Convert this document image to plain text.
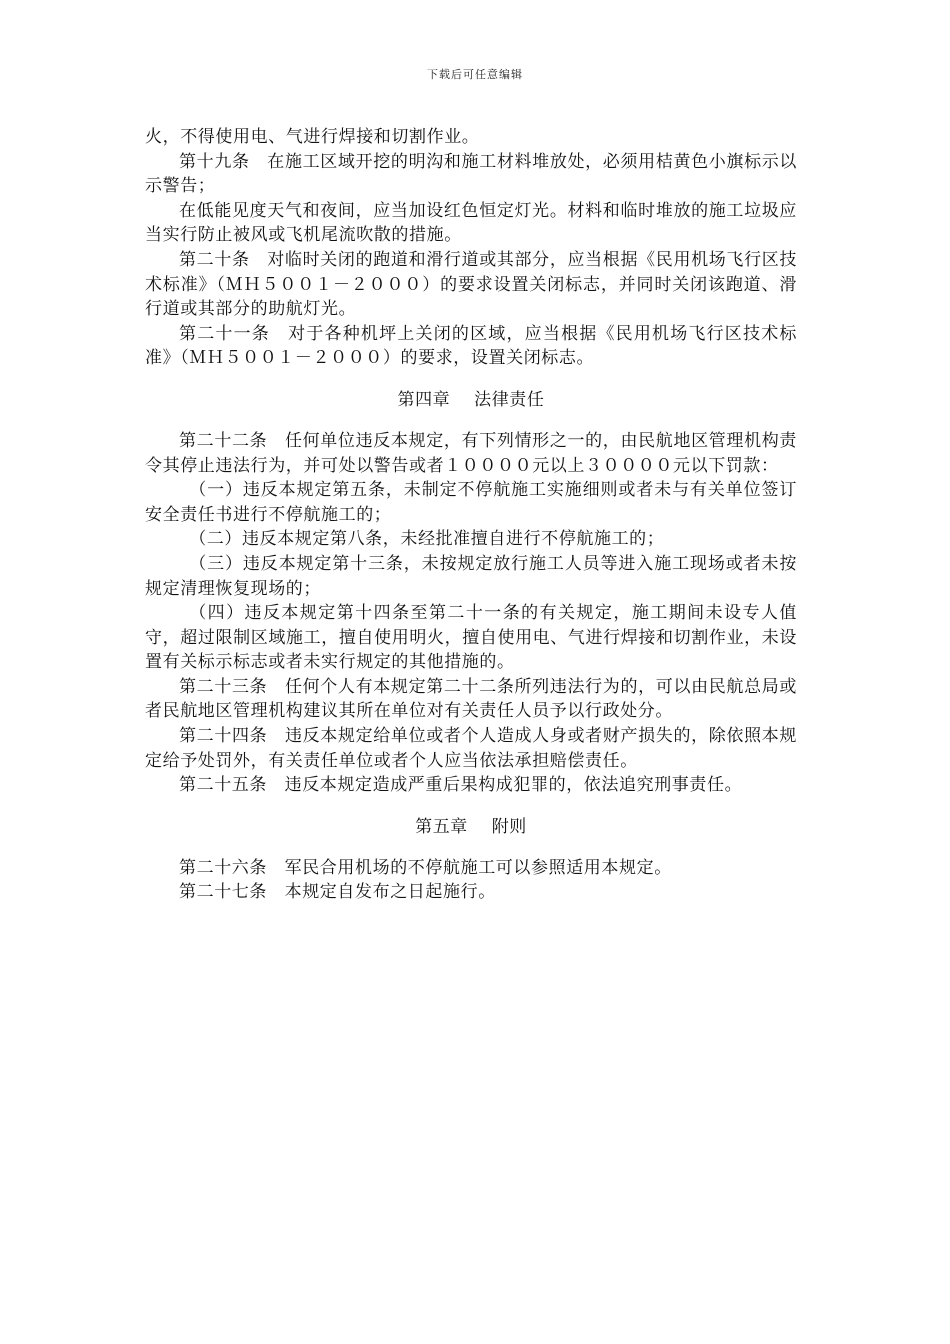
下载后可任意编辑

火，不得使用电、气进行焊接和切割作业。

第十九条　在施工区域开挖的明沟和施工材料堆放处，必须用桔黄色小旗标示以示警告；

在低能见度天气和夜间，应当加设红色恒定灯光。材料和临时堆放的施工垃圾应当实行防止被风或飞机尾流吹散的措施。

第二十条　对临时关闭的跑道和滑行道或其部分，应当根据《民用机场飞行区技术标准》（ＭＨ５００１－２０００）的要求设置关闭标志，并同时关闭该跑道、滑行道或其部分的助航灯光。

第二十一条　对于各种机坪上关闭的区域，应当根据《民用机场飞行区技术标准》（ＭＨ５００１－２０００）的要求，设置关闭标志。

第四章 法律责任

第二十二条　任何单位违反本规定，有下列情形之一的，由民航地区管理机构责令其停止违法行为，并可处以警告或者１００００元以上３００００元以下罚款：

（一）违反本规定第五条，未制定不停航施工实施细则或者未与有关单位签订安全责任书进行不停航施工的；

（二）违反本规定第八条，未经批准擅自进行不停航施工的；

（三）违反本规定第十三条，未按规定放行施工人员等进入施工现场或者未按规定清理恢复现场的；

（四）违反本规定第十四条至第二十一条的有关规定，施工期间未设专人值守，超过限制区域施工，擅自使用明火，擅自使用电、气进行焊接和切割作业，未设置有关标示标志或者未实行规定的其他措施的。

第二十三条　任何个人有本规定第二十二条所列违法行为的，可以由民航总局或者民航地区管理机构建议其所在单位对有关责任人员予以行政处分。

第二十四条　违反本规定给单位或者个人造成人身或者财产损失的，除依照本规定给予处罚外，有关责任单位或者个人应当依法承担赔偿责任。

第二十五条　违反本规定造成严重后果构成犯罪的，依法追究刑事责任。

第五章 附则

第二十六条　军民合用机场的不停航施工可以参照适用本规定。

第二十七条　本规定自发布之日起施行。
